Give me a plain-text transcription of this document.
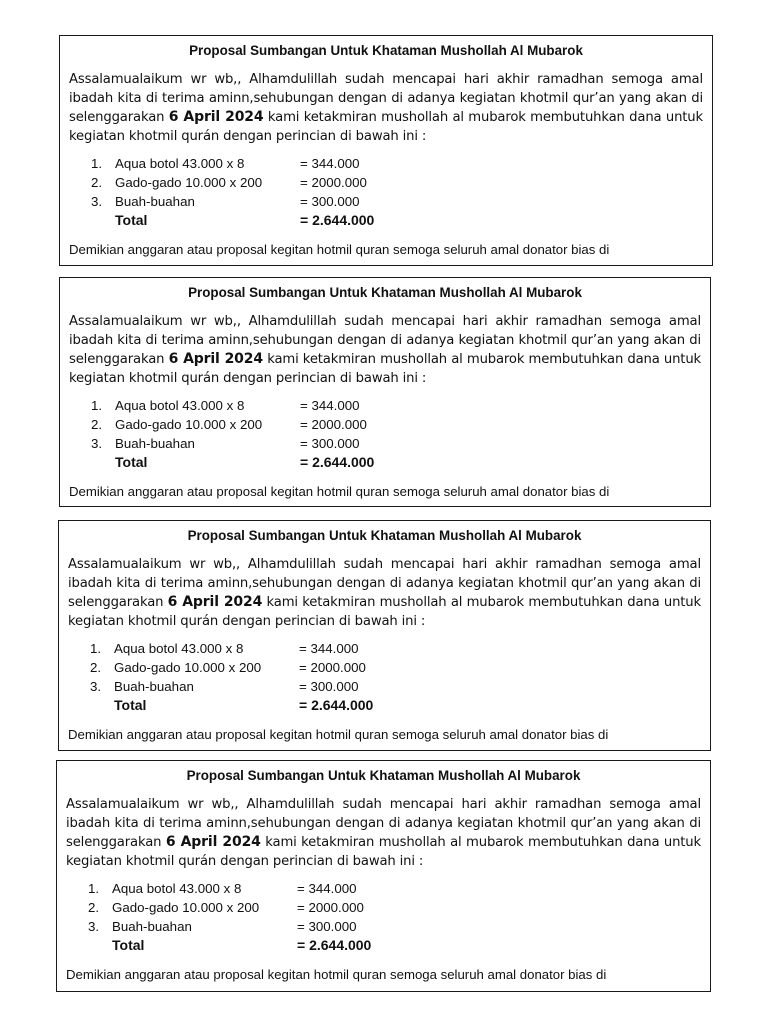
Proposal Sumbangan Untuk Khataman Mushollah Al Mubarok
Assalamualaikum wr wb,, Alhamdulillah sudah mencapai hari akhir ramadhan semoga amal ibadah kita di terima aminn,sehubungan dengan di adanya kegiatan khotmil qur’an yang akan di selenggarakan 6 April 2024 kami ketakmiran mushollah al mubarok membutuhkan dana untuk kegiatan khotmil qurán dengan perincian di bawah ini :
1. Aqua botol 43.000 x 8	= 344.000
2. Gado-gado 10.000 x 200	= 2000.000
3. Buah-buahan	= 300.000
Total	= 2.644.000
Demikian anggaran atau proposal kegitan hotmil quran semoga seluruh amal donator bias di
Proposal Sumbangan Untuk Khataman Mushollah Al Mubarok
Assalamualaikum wr wb,, Alhamdulillah sudah mencapai hari akhir ramadhan semoga amal ibadah kita di terima aminn,sehubungan dengan di adanya kegiatan khotmil qur’an yang akan di selenggarakan 6 April 2024 kami ketakmiran mushollah al mubarok membutuhkan dana untuk kegiatan khotmil qurán dengan perincian di bawah ini :
1. Aqua botol 43.000 x 8	= 344.000
2. Gado-gado 10.000 x 200	= 2000.000
3. Buah-buahan	= 300.000
Total	= 2.644.000
Demikian anggaran atau proposal kegitan hotmil quran semoga seluruh amal donator bias di
Proposal Sumbangan Untuk Khataman Mushollah Al Mubarok
Assalamualaikum wr wb,, Alhamdulillah sudah mencapai hari akhir ramadhan semoga amal ibadah kita di terima aminn,sehubungan dengan di adanya kegiatan khotmil qur’an yang akan di selenggarakan 6 April 2024 kami ketakmiran mushollah al mubarok membutuhkan dana untuk kegiatan khotmil qurán dengan perincian di bawah ini :
1. Aqua botol 43.000 x 8	= 344.000
2. Gado-gado 10.000 x 200	= 2000.000
3. Buah-buahan	= 300.000
Total	= 2.644.000
Demikian anggaran atau proposal kegitan hotmil quran semoga seluruh amal donator bias di
Proposal Sumbangan Untuk Khataman Mushollah Al Mubarok
Assalamualaikum wr wb,, Alhamdulillah sudah mencapai hari akhir ramadhan semoga amal ibadah kita di terima aminn,sehubungan dengan di adanya kegiatan khotmil qur’an yang akan di selenggarakan 6 April 2024 kami ketakmiran mushollah al mubarok membutuhkan dana untuk kegiatan khotmil qurán dengan perincian di bawah ini :
1. Aqua botol 43.000 x 8	= 344.000
2. Gado-gado 10.000 x 200	= 2000.000
3. Buah-buahan	= 300.000
Total	= 2.644.000
Demikian anggaran atau proposal kegitan hotmil quran semoga seluruh amal donator bias di
